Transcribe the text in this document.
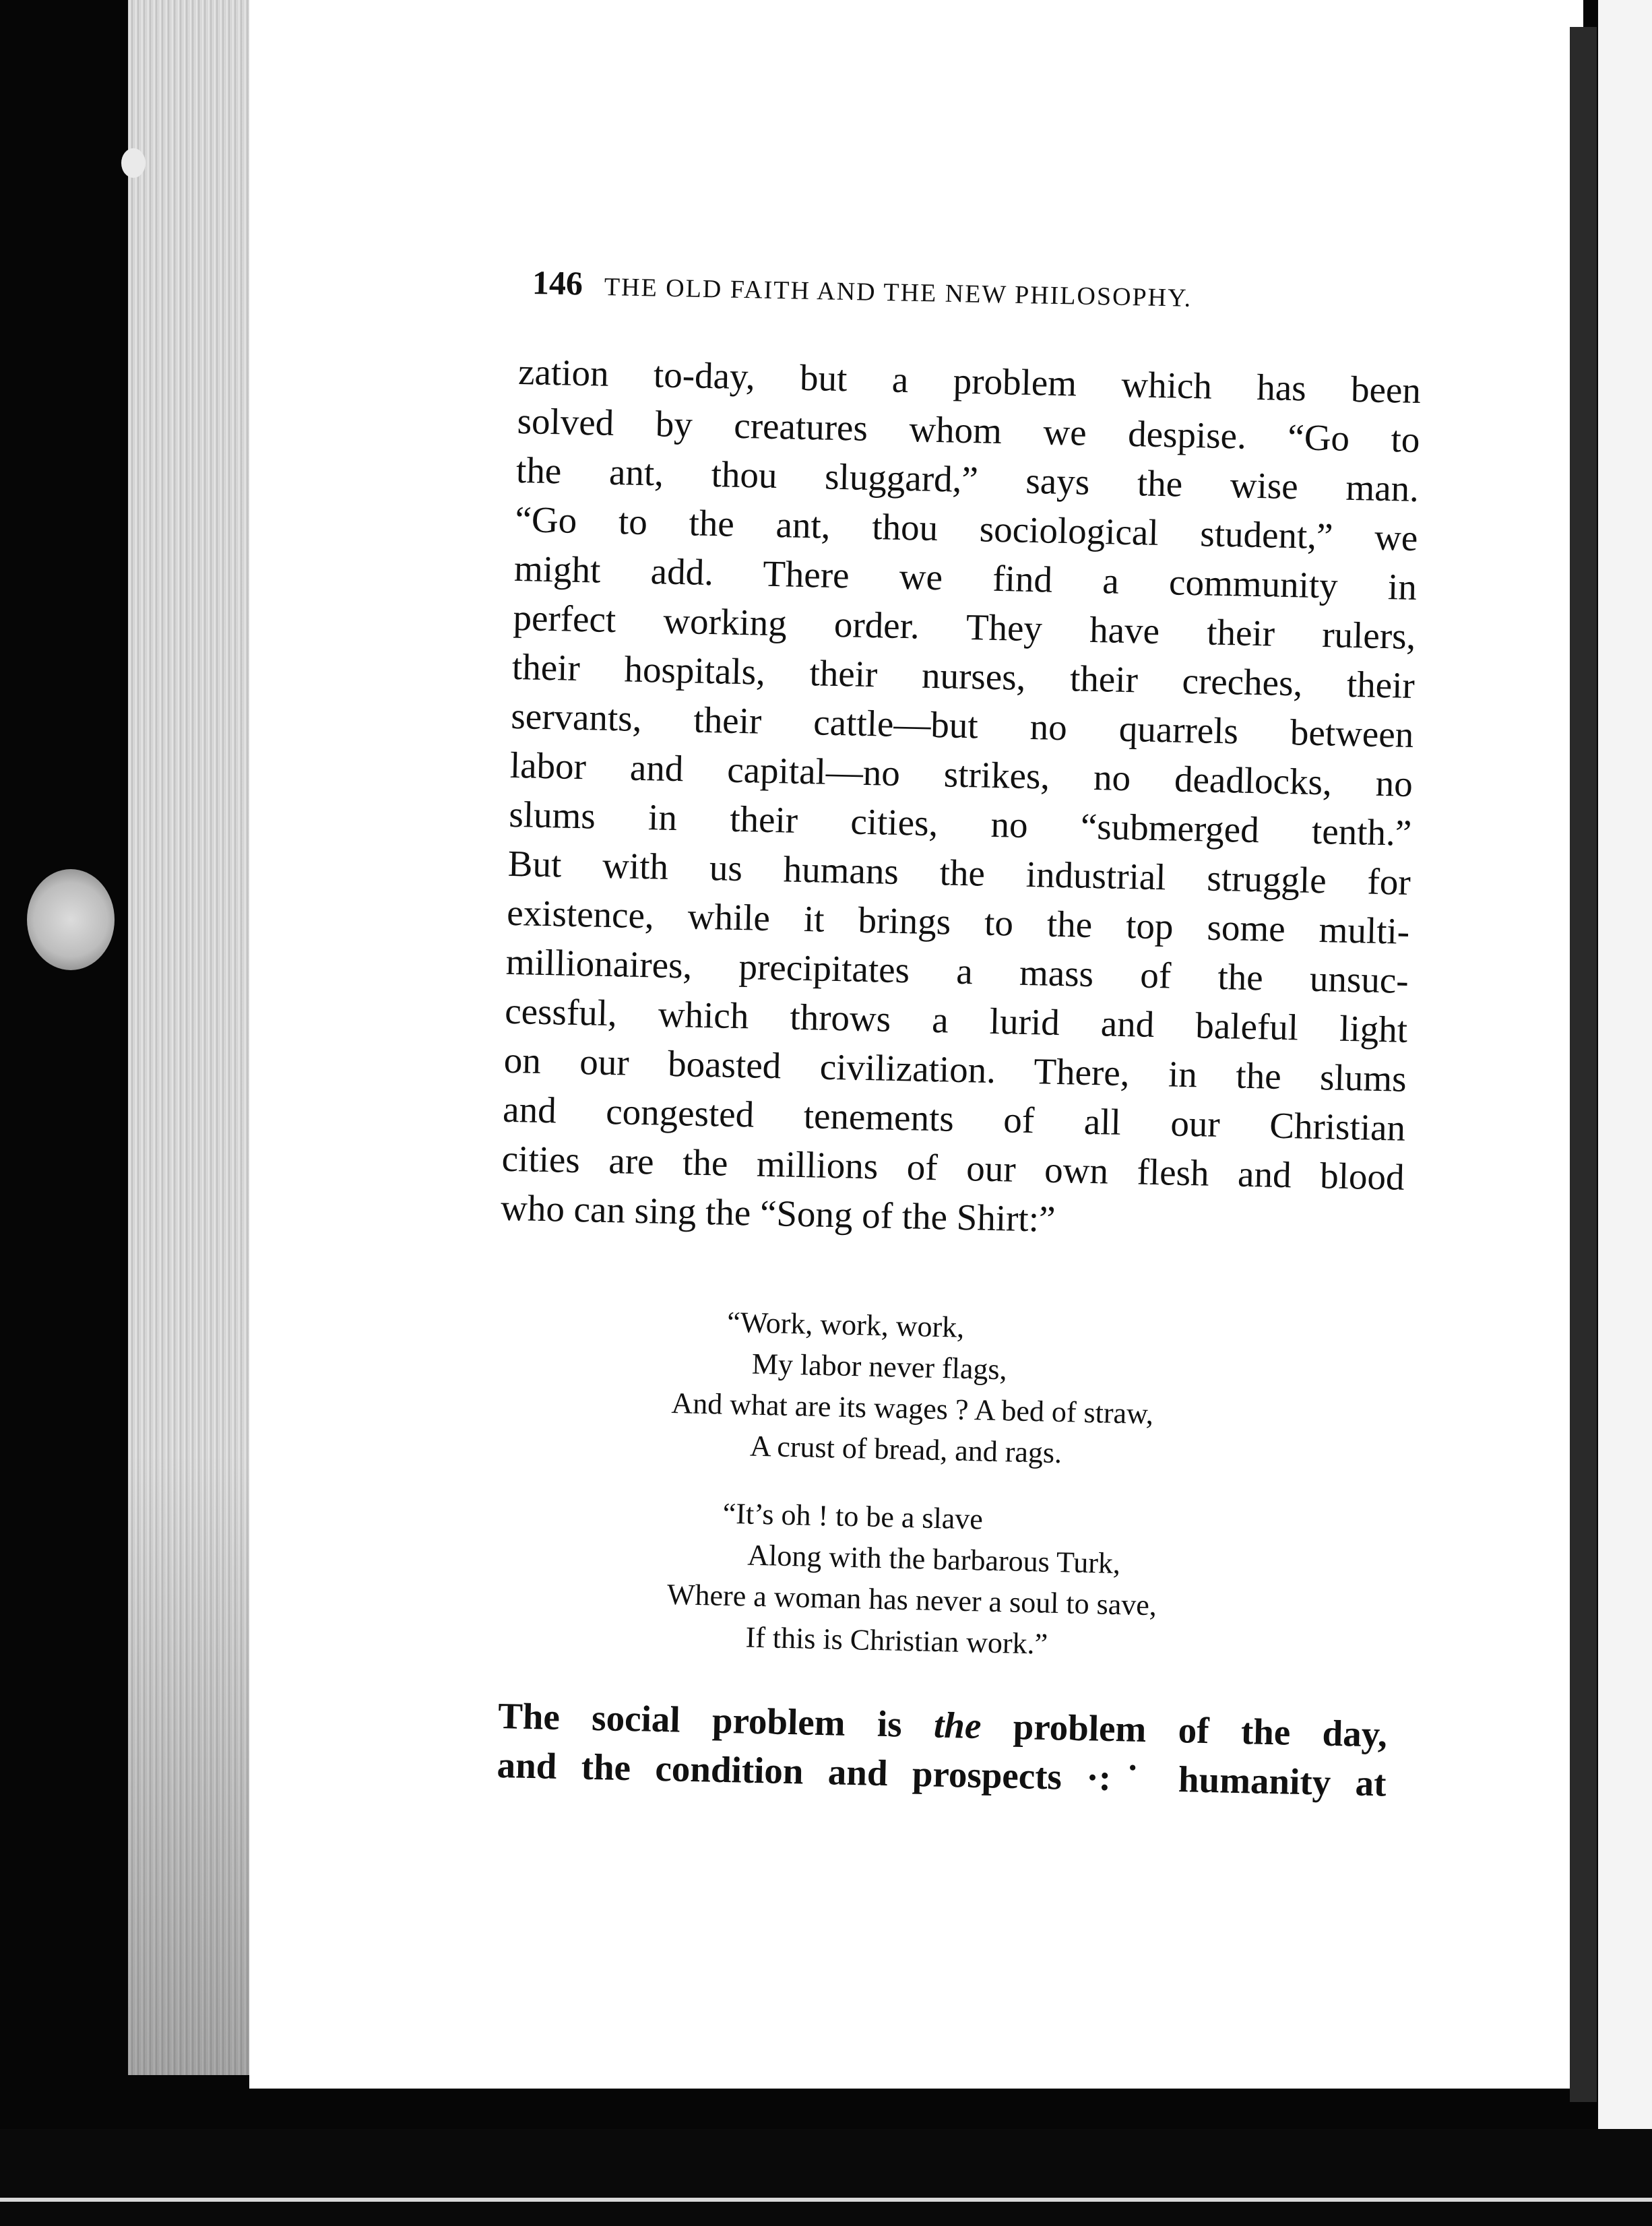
146 THE OLD FAITH AND THE NEW PHILOSOPHY.
zation to-day, but a problem which has been
solved by creatures whom we despise. “Go to
the ant, thou sluggard,” says the wise man.
“Go to the ant, thou sociological student,” we
might add. There we find a community in
perfect working order. They have their rulers,
their hospitals, their nurses, their creches, their
servants, their cattle—but no quarrels between
labor and capital—no strikes, no deadlocks, no
slums in their cities, no “submerged tenth.”
But with us humans the industrial struggle for
existence, while it brings to the top some multi-
millionaires, precipitates a mass of the unsuc-
cessful, which throws a lurid and baleful light
on our boasted civilization. There, in the slums
and congested tenements of all our Christian
cities are the millions of our own flesh and blood
who can sing the “Song of the Shirt:”
“Work, work, work,
My labor never flags,
And what are its wages ? A bed of straw,
A crust of bread, and rags.
“It’s oh ! to be a slave
Along with the barbarous Turk,
Where a woman has never a soul to save,
If this is Christian work.”
The social problem is the problem of the day,
and the condition and prospects ·:˙ humanity at
